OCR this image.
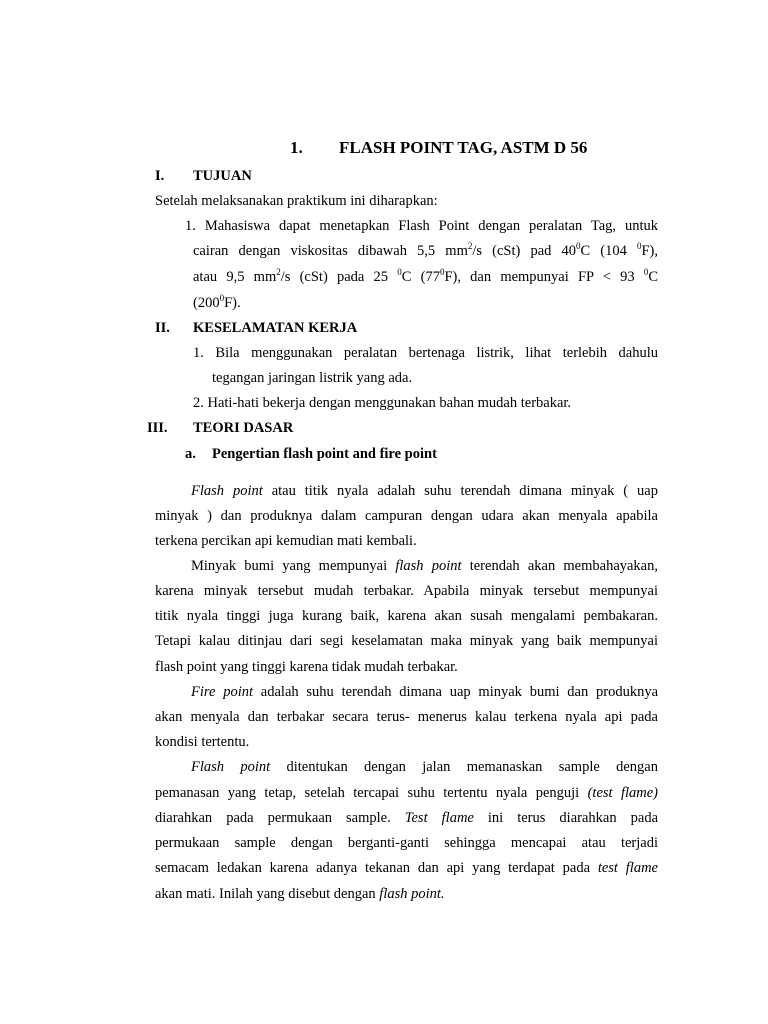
1. FLASH POINT TAG, ASTM D 56
I. TUJUAN
Setelah melaksanakan praktikum ini diharapkan:
1. Mahasiswa dapat menetapkan Flash Point dengan peralatan Tag, untuk
cairan dengan viskositas dibawah 5,5 $mm^2/s$ (cSt) pad $40^0C$ (104 $^0$F),
atau 9,5 $mm^2/s$ (cSt) pada 25 $^0$C $(77^0F)$, dan mempunyai FP < 93 $^0$C
$(200^0F)$.
II. KESELAMATAN KERJA
1. Bila menggunakan peralatan bertenaga listrik, lihat terlebih dahulu
tegangan jaringan listrik yang ada.
2. Hati-hati bekerja dengan menggunakan bahan mudah terbakar.
III. TEORI DASAR
a. Pengertian flash point and fire point
Flash point atau titik nyala adalah suhu terendah dimana minyak ( uap
minyak ) dan produknya dalam campuran dengan udara akan menyala apabila
terkena percikan api kemudian mati kembali.
Minyak bumi yang mempunyai flash point terendah akan membahayakan,
karena minyak tersebut mudah terbakar. Apabila minyak tersebut mempunyai
titik nyala tinggi juga kurang baik, karena akan susah mengalami pembakaran.
Tetapi kalau ditinjau dari segi keselamatan maka minyak yang baik mempunyai
flash point yang tinggi karena tidak mudah terbakar.
Fire point adalah suhu terendah dimana uap minyak bumi dan produknya
akan menyala dan terbakar secara terus- menerus kalau terkena nyala api pada
kondisi tertentu.
Flash point ditentukan dengan jalan memanaskan sample dengan
pemanasan yang tetap, setelah tercapai suhu tertentu nyala penguji (test flame)
diarahkan pada permukaan sample. Test flame ini terus diarahkan pada
permukaan sample dengan berganti-ganti sehingga mencapai atau terjadi
semacam ledakan karena adanya tekanan dan api yang terdapat pada test flame
akan mati. Inilah yang disebut dengan flash point.
